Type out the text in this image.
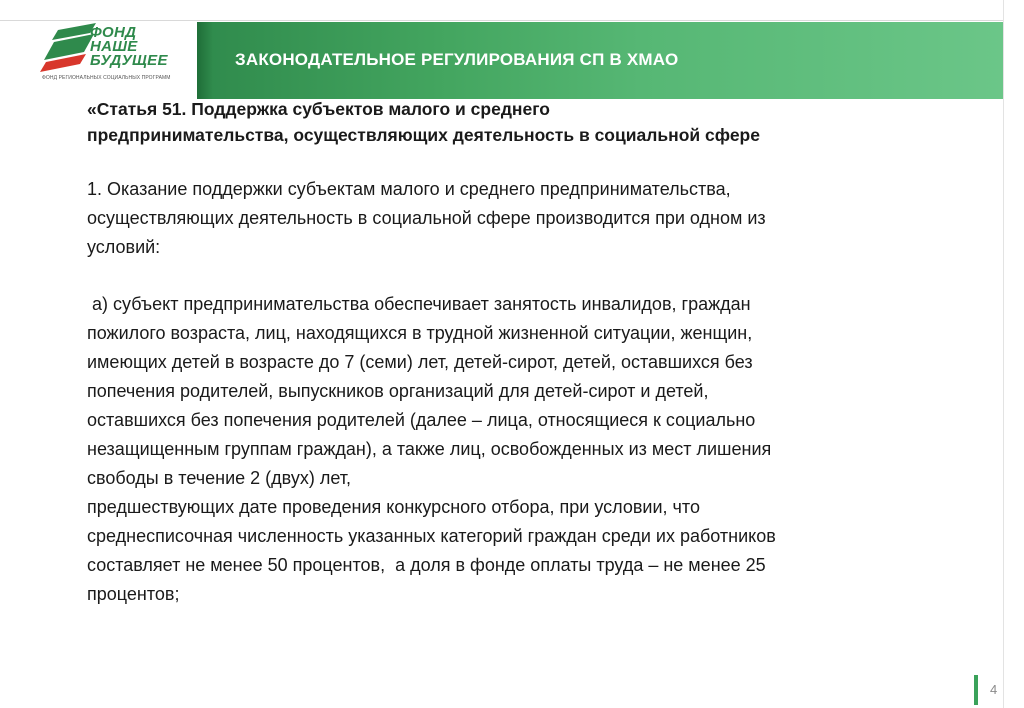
ФОНД
НАШЕ
БУДУЩЕЕ
ФОНД РЕГИОНАЛЬНЫХ СОЦИАЛЬНЫХ ПРОГРАММ
ЗАКОНОДАТЕЛЬНОЕ РЕГУЛИРОВАНИЯ СП В ХМАО

«Статья 51. Поддержка субъектов малого и среднего

предпринимательства, осуществляющих деятельность в социальной сфере

1. Оказание поддержки субъектам малого и среднего предпринимательства,

осуществляющих деятельность в социальной сфере производится при одном из

условий:

а) субъект предпринимательства обеспечивает занятость инвалидов, граждан

пожилого возраста, лиц, находящихся в трудной жизненной ситуации, женщин,

имеющих детей в возрасте до 7 (семи) лет, детей-сирот, детей, оставшихся без

попечения родителей, выпускников организаций для детей-сирот и детей,

оставшихся без попечения родителей (далее – лица, относящиеся к социально

незащищенным группам граждан), а также лиц, освобожденных из мест лишения

свободы в течение 2 (двух) лет,

предшествующих дате проведения конкурсного отбора, при условии, что

среднесписочная численность указанных категорий граждан среди их работников

составляет не менее 50 процентов,  а доля в фонде оплаты труда – не менее 25

процентов;

4
